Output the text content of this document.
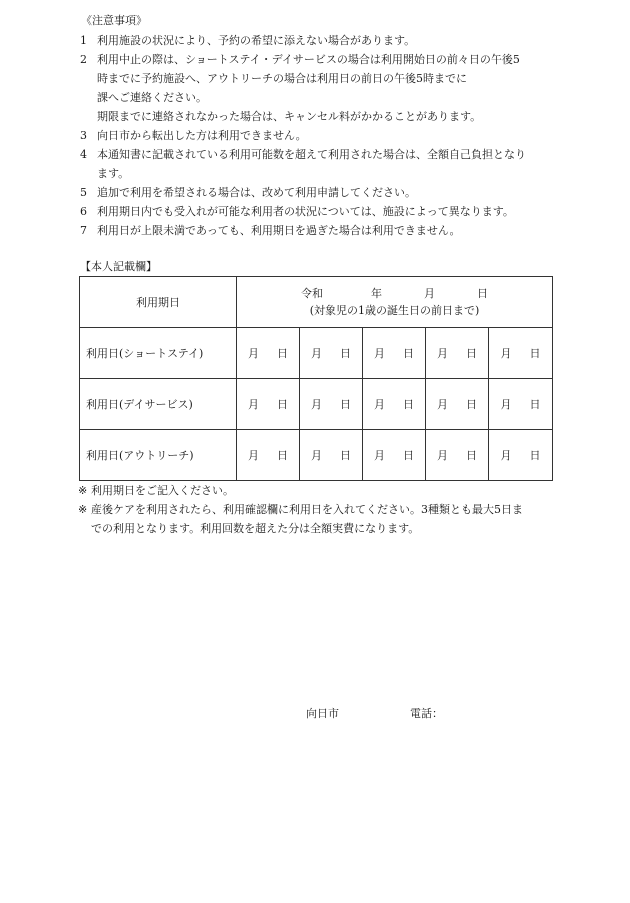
《注意事項》
1 利用施設の状況により、予約の希望に添えない場合があります。
2 利用中止の際は、ショートステイ・デイサービスの場合は利用開始日の前々日の午後5
時までに予約施設へ、アウトリーチの場合は利用日の前日の午後5時までに
課へご連絡ください。
期限までに連絡されなかった場合は、キャンセル料がかかることがあります。
3 向日市から転出した方は利用できません。
4 本通知書に記載されている利用可能数を超えて利用された場合は、全額自己負担となり
ます。
5 追加で利用を希望される場合は、改めて利用申請してください。
6 利用期日内でも受入れが可能な利用者の状況については、施設によって異なります。
7 利用日が上限未満であっても、利用期日を過ぎた場合は利用できません。
【本人記載欄】
利用期日	令和 年 月 日
(対象児の1歳の誕生日の前日まで)				

利用日(ショートステイ)	月 日	月 日	月 日	月 日	月 日
利用日(デイサービス)	月 日	月 日	月 日	月 日	月 日
利用日(アウトリーチ)	月 日	月 日	月 日	月 日	月 日
※ 利用期日をご記入ください。
※ 産後ケアを利用されたら、利用確認欄に利用日を入れてください。3種類とも最大5日ま
での利用となります。利用回数を超えた分は全額実費になります。
向日市	電話：
